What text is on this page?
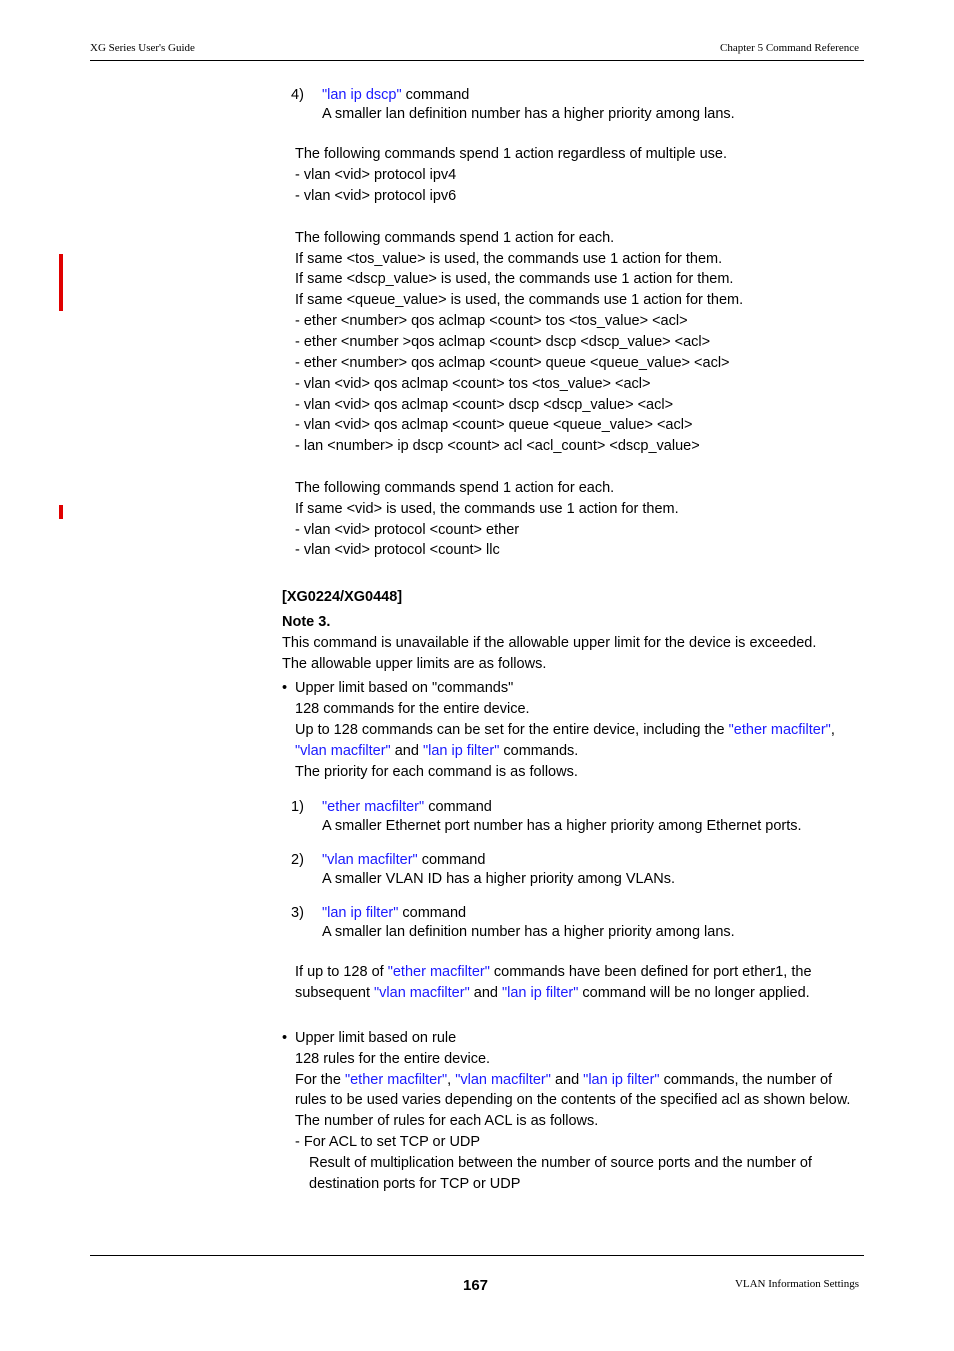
XG Series User's Guide	Chapter 5 Command Reference
4) "lan ip dscp" command
A smaller lan definition number has a higher priority among lans.
The following commands spend 1 action regardless of multiple use.
- vlan <vid> protocol ipv4
- vlan <vid> protocol ipv6
The following commands spend 1 action for each.
If same <tos_value> is used, the commands use 1 action for them.
If same <dscp_value> is used, the commands use 1 action for them.
If same <queue_value> is used, the commands use 1 action for them.
- ether <number> qos aclmap <count> tos <tos_value> <acl>
- ether <number >qos aclmap <count> dscp <dscp_value> <acl>
- ether <number> qos aclmap <count> queue <queue_value> <acl>
- vlan <vid> qos aclmap <count> tos <tos_value> <acl>
- vlan <vid> qos aclmap <count> dscp <dscp_value> <acl>
- vlan <vid> qos aclmap <count> queue <queue_value> <acl>
- lan <number> ip dscp <count> acl <acl_count> <dscp_value>
The following commands spend 1 action for each.
If same <vid> is used, the commands use 1 action for them.
- vlan <vid> protocol <count> ether
- vlan <vid> protocol <count> llc
[XG0224/XG0448]
Note 3.
This command is unavailable if the allowable upper limit for the device is exceeded.
The allowable upper limits are as follows.
• Upper limit based on "commands"
128 commands for the entire device.
Up to 128 commands can be set for the entire device, including the "ether macfilter",
"vlan macfilter" and "lan ip filter" commands.
The priority for each command is as follows.
1) "ether macfilter" command
A smaller Ethernet port number has a higher priority among Ethernet ports.
2) "vlan macfilter" command
A smaller VLAN ID has a higher priority among VLANs.
3) "lan ip filter" command
A smaller lan definition number has a higher priority among lans.
If up to 128 of "ether macfilter" commands have been defined for port ether1, the
subsequent "vlan macfilter" and "lan ip filter" command will be no longer applied.
• Upper limit based on rule
128 rules for the entire device.
For the "ether macfilter", "vlan macfilter" and "lan ip filter" commands, the number of
rules to be used varies depending on the contents of the specified acl as shown below.
The number of rules for each ACL is as follows.
- For ACL to set TCP or UDP
Result of multiplication between the number of source ports and the number of
destination ports for TCP or UDP
167	VLAN Information Settings
